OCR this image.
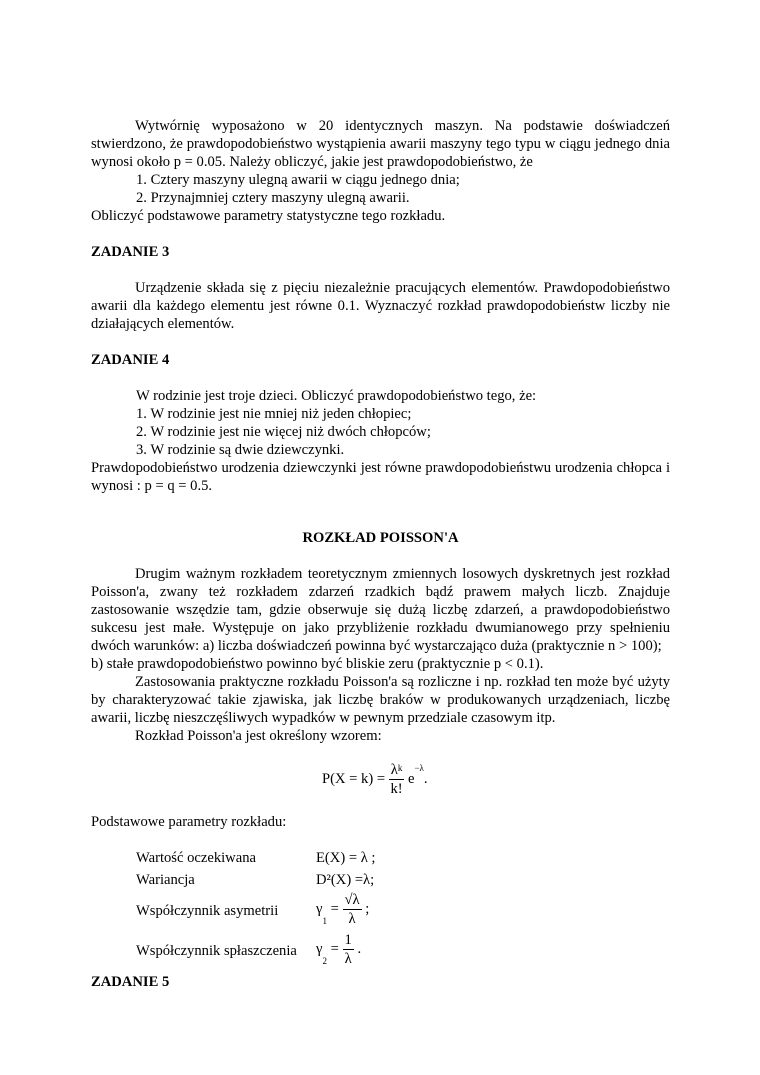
Wytwórnię wyposażono w 20 identycznych maszyn. Na podstawie doświadczeń stwierdzono, że prawdopodobieństwo wystąpienia awarii maszyny tego typu w ciągu jednego dnia wynosi około p = 0.05. Należy obliczyć, jakie jest prawdopodobieństwo, że

1. Cztery maszyny ulegną awarii w ciągu jednego dnia;

2. Przynajmniej cztery maszyny ulegną awarii.

Obliczyć podstawowe parametry statystyczne tego rozkładu.

ZADANIE 3

Urządzenie składa się z pięciu niezależnie pracujących elementów. Prawdopodobieństwo awarii dla każdego elementu jest równe 0.1. Wyznaczyć rozkład prawdopodobieństw liczby nie działających elementów.

ZADANIE 4

W rodzinie jest troje dzieci. Obliczyć prawdopodobieństwo tego, że:

1. W rodzinie jest nie mniej niż jeden chłopiec;

2. W rodzinie jest nie więcej niż dwóch chłopców;

3. W rodzinie są dwie dziewczynki.

Prawdopodobieństwo urodzenia dziewczynki jest równe prawdopodobieństwu urodzenia chłopca i wynosi : p = q = 0.5.

ROZKŁAD POISSON'A

Drugim ważnym rozkładem teoretycznym zmiennych losowych dyskretnych jest rozkład Poisson'a, zwany też rozkładem zdarzeń rzadkich bądź prawem małych liczb. Znajduje zastosowanie wszędzie tam, gdzie obserwuje się dużą liczbę zdarzeń, a prawdopodobieństwo sukcesu jest małe. Występuje on jako przybliżenie rozkładu dwumianowego przy spełnieniu dwóch warunków: a) liczba doświadczeń powinna być wystarczająco duża (praktycznie n > 100);

b) stałe prawdopodobieństwo powinno być bliskie zeru (praktycznie p < 0.1).

Zastosowania praktyczne rozkładu Poisson'a są rozliczne i np. rozkład ten może być użyty by charakteryzować takie zjawiska, jak liczbę braków w produkowanych urządzeniach, liczbę awarii, liczbę nieszczęśliwych wypadków w pewnym przedziale czasowym itp.

Rozkład Poisson'a jest określony wzorem:

$P(X = k) = \frac{\lambda^k}{k!} e^{-\lambda}$.

Podstawowe parametry rozkładu:

Wartość oczekiwana	E(X) = λ ;
Wariancja	D²(X) =λ;
Współczynnik asymetrii	$\gamma_1 = \frac{√\lambda}{\lambda}$ ;
Współczynnik spłaszczenia $\gamma_2 = \frac{1}{\lambda}$ .

ZADANIE 5
